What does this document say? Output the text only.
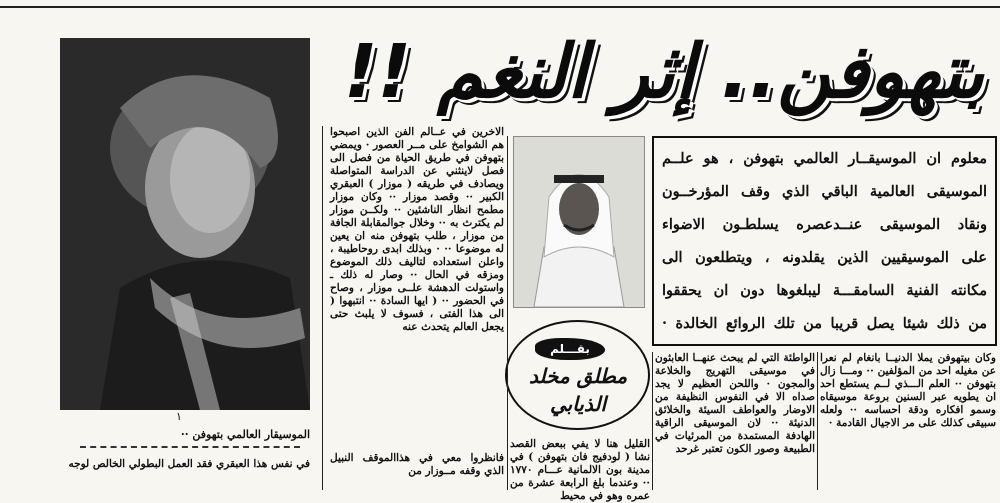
١
الموسيقار العالمي بتهوفن ··
في نفس هذا العبقري فقد العمل البطولي الخالص لوجه
بتهوفن.. إثر النغم !!
معلوم ان الموسيقــار العالمي بتهوفن ، هو علــم
الموسيقى العالمية الباقي الذي وقف المؤرخــون
ونقاد الموسيقى عنــدعصره يسلطـون الاضواء
على الموسيقيين الذين يقلدونه ، ويتطلعون الى
مكانته الفنية السامقـــة ليبلغوها دون ان يحققوا
من ذلك شيئا يصل قريبا من تلك الروائع الخالدة ·
بقـــلم
مطلق مخلد الذيابي

الاخرين في عــالم الفن الذين اصبحوا هم الشوامخ على مــر العصور · ويمضي بتهوفن في طريق الحياة من فصل الى فصل لاينثني عن الدراسة المتواصلة ويصادف في طريقه ( موزار ) العبقري الكبير ·· وقصد موزار ·· وكان موزار مطمح انظار الناشئين ·· ولكــن موزار لم يكترث به ·· وخلال جوالمقابلة الجافة من موزار ، طلب بتهوفن منه ان يعين له موضوعا ·· · وبذلك ابدى روحاطيبة ، واعلن استعداده لتاليف ذلك الموضوع ومزقه في الحال ·· وصار له ذلك ـ واستولت الدهشة علــى موزار ، وصاح في الحضور ·· ( ايها السادة ·· انتبهوا ( الى هذا الفتى ، فسوف لا يلبث حتى يجعل العالم يتحدث عنه

فانظروا معي في هذاالموقف النبيل الذي وقفه مــوزار من

وكان بيتهوفن يملا الدنيــا بانغام لم نعرا عن مغيله احد من المؤلفين ·· ومـــا زال بتهوفن ·· العلم الـــذي لــم يستطع احد ان يطويه عبر السنين بروعة موسيقاه وسمو افكاره ودقة احساسه ·· ولعله سبيقى كذلك على مر الاجيال القادمة ·

الواطئة التي لم يبحث عنهــا العابثون في موسيقى التهريج والخلاعة والمجون · واللحن العظيم لا يجد صداه الا في النفوس النظيفة من الاوضار والعواطف السيئة والخلائق الدنيئة ·· لان الموسيقى الراقية الهادفة المستمدة من المرئيات في الطبيعة وصور الكون تعتبر غرحد

القليل هنا لا يفي ببعض القصد نشا ( لودفيج فان بتهوفن ) في مدينة بون الالمانية عـــام ١٧٧٠ ·· وعندما بلغ الرابعة عشرة من عمره وهو في محيط
